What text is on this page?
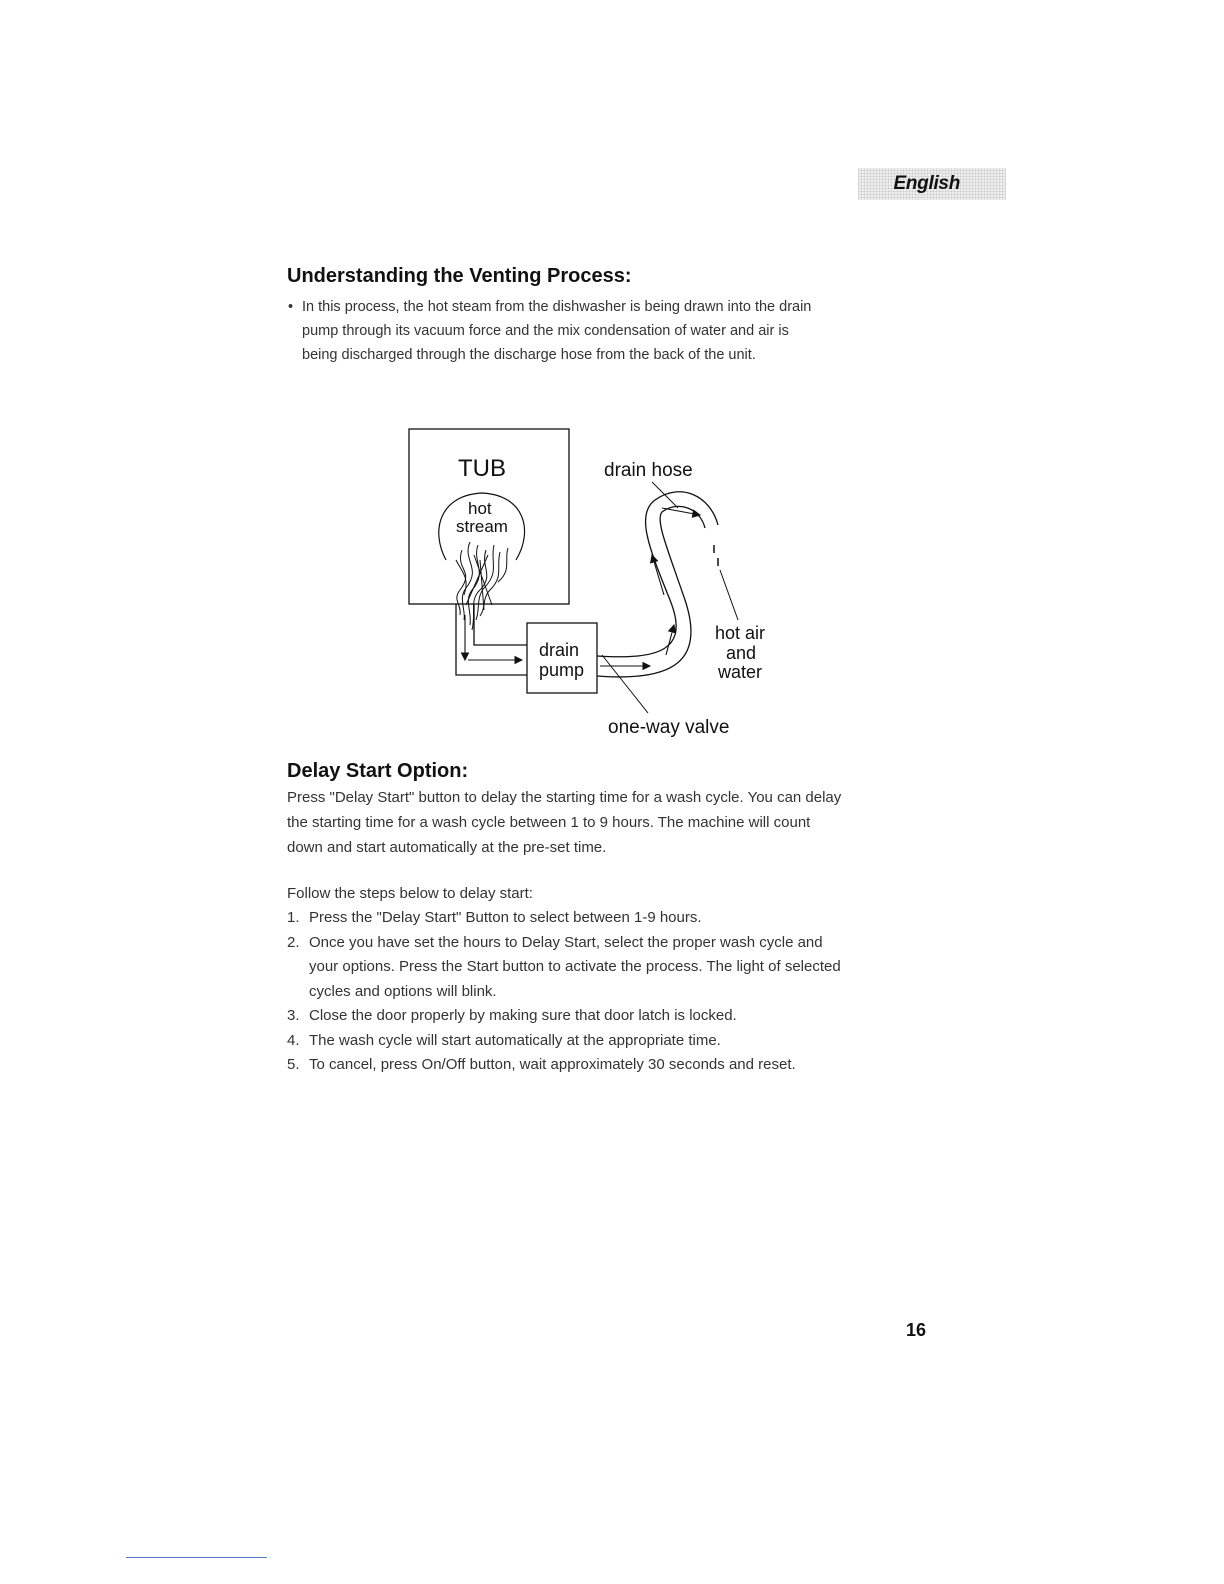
English
Understanding the Venting Process:
• In this process, the hot steam from the dishwasher is being drawn into the drain
pump through its vacuum force and the mix condensation of water and air is
being discharged through the discharge hose from the back of the unit.
TUB
hot
stream
drain
pump
drain hose
hot air
and
water
one-way valve
Delay Start Option:
Press "Delay Start" button to delay the starting time for a wash cycle. You can delay
the starting time for a wash cycle between 1 to 9 hours. The machine will count
down and start automatically at the pre-set time.
Follow the steps below to delay start:
1. Press the "Delay Start" Button to select between 1-9 hours.
2. Once you have set the hours to Delay Start, select the proper wash cycle and
your options. Press the Start button to activate the process. The light of selected
cycles and options will blink.
3. Close the door properly by making sure that door latch is locked.
4. The wash cycle will start automatically at the appropriate time.
5. To cancel, press On/Off button, wait approximately 30 seconds and reset.
16
